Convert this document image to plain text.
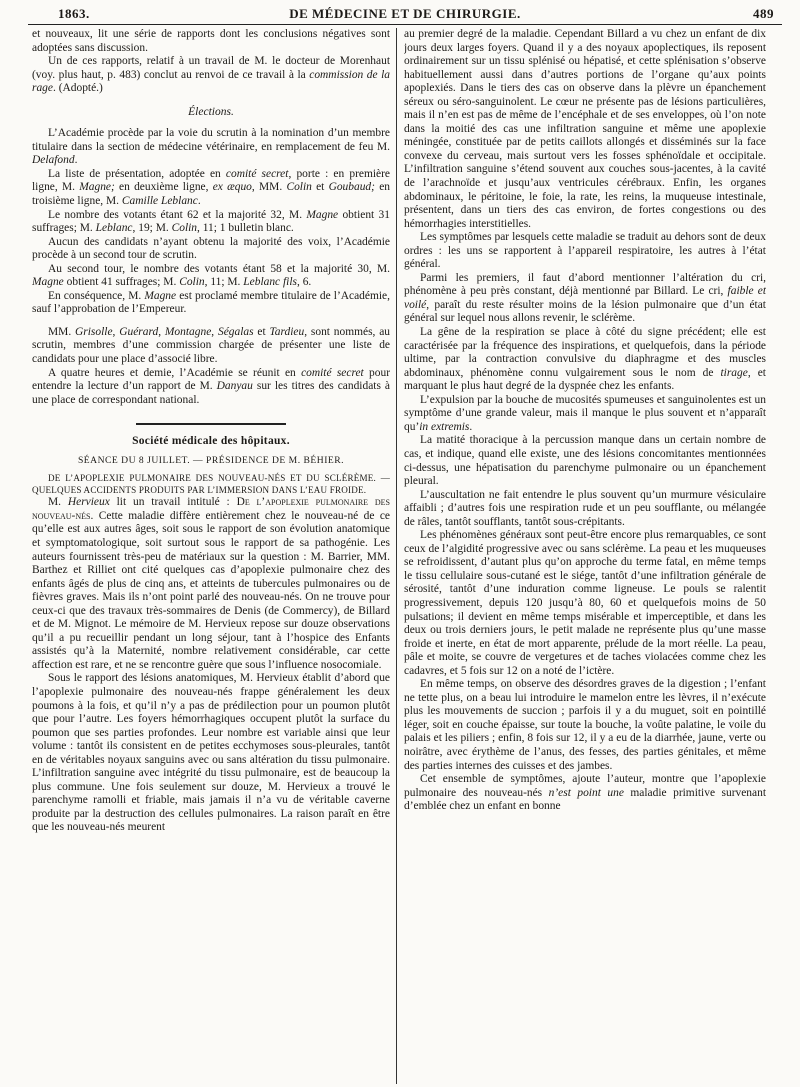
1863.	DE MÉDECINE ET DE CHIRURGIE.	489

et nouveaux, lit une série de rapports dont les conclusions négatives sont adoptées sans discussion.

Un de ces rapports, relatif à un travail de M. le docteur de Morenhaut (voy. plus haut, p. 483) conclut au renvoi de ce travail à la commission de la rage. (Adopté.)

Élections.

L’Académie procède par la voie du scrutin à la nomination d’un membre titulaire dans la section de médecine vétérinaire, en remplacement de feu M. Delafond.

La liste de présentation, adoptée en comité secret, porte : en première ligne, M. Magne; en deuxième ligne, ex æquo, MM. Colin et Goubaud; en troisième ligne, M. Camille Leblanc.

Le nombre des votants étant 62 et la majorité 32, M. Magne obtient 31 suffrages; M. Leblanc, 19; M. Colin, 11; 1 bulletin blanc.

Aucun des candidats n’ayant obtenu la majorité des voix, l’Académie procède à un second tour de scrutin.

Au second tour, le nombre des votants étant 58 et la majorité 30, M. Magne obtient 41 suffrages; M. Colin, 11; M. Leblanc fils, 6.

En conséquence, M. Magne est proclamé membre titulaire de l’Académie, sauf l’approbation de l’Empereur.

MM. Grisolle, Guérard, Montagne, Ségalas et Tardieu, sont nommés, au scrutin, membres d’une commission chargée de présenter une liste de candidats pour une place d’associé libre.

A quatre heures et demie, l’Académie se réunit en comité secret pour entendre la lecture d’un rapport de M. Danyau sur les titres des candidats à une place de correspondant national.

Société médicale des hôpitaux.
SÉANCE DU 8 JUILLET. — PRÉSIDENCE DE M. BÉHIER.

DE L’APOPLEXIE PULMONAIRE DES NOUVEAU-NÉS ET DU SCLÉRÈME. — QUELQUES ACCIDENTS PRODUITS PAR L’IMMERSION DANS L’EAU FROIDE.

M. Hervieux lit un travail intitulé : De l’apoplexie pulmonaire des nouveau-nés. Cette maladie diffère entièrement chez le nouveau-né de ce qu’elle est aux autres âges, soit sous le rapport de son évolution anatomique et symptomatologique, soit surtout sous le rapport de sa pathogénie. Les auteurs fournissent très-peu de matériaux sur la question : M. Barrier, MM. Barthez et Rilliet ont cité quelques cas d’apoplexie pulmonaire chez des enfants âgés de plus de cinq ans, et atteints de tubercules pulmonaires ou de fièvres graves. Mais ils n’ont point parlé des nouveau-nés. On ne trouve pour ceux-ci que des travaux très-sommaires de Denis (de Commercy), de Billard et de M. Mignot. Le mémoire de M. Hervieux repose sur douze observations qu’il a pu recueillir pendant un long séjour, tant à l’hospice des Enfants assistés qu’à la Maternité, nombre relativement considérable, car cette affection est rare, et ne se rencontre guère que sous l’influence nosocomiale.

Sous le rapport des lésions anatomiques, M. Hervieux établit d’abord que l’apoplexie pulmonaire des nouveau-nés frappe généralement les deux poumons à la fois, et qu’il n’y a pas de prédilection pour un poumon plutôt que pour l’autre. Les foyers hémorrhagiques occupent plutôt la surface du poumon que ses parties profondes. Leur nombre est variable ainsi que leur volume : tantôt ils consistent en de petites ecchymoses sous-pleurales, tantôt en de véritables noyaux sanguins avec ou sans altération du tissu pulmonaire. L’infiltration sanguine avec intégrité du tissu pulmonaire, est de beaucoup la plus commune. Une fois seulement sur douze, M. Hervieux a trouvé le parenchyme ramolli et friable, mais jamais il n’a vu de véritable caverne produite par la destruction des cellules pulmonaires. La raison paraît en être que les nouveau-nés meurent

au premier degré de la maladie. Cependant Billard a vu chez un enfant de dix jours deux larges foyers. Quand il y a des noyaux apoplectiques, ils reposent ordinairement sur un tissu splénisé ou hépatisé, et cette splénisation s’observe habituellement aussi dans d’autres portions de l’organe qu’aux points apoplexiés. Dans le tiers des cas on observe dans la plèvre un épanchement séreux ou séro-sanguinolent. Le cœur ne présente pas de lésions particulières, mais il n’en est pas de même de l’encéphale et de ses enveloppes, où l’on note dans la moitié des cas une infiltration sanguine et même une apoplexie méningée, constituée par de petits caillots allongés et disséminés sur la face convexe du cerveau, mais surtout vers les fosses sphénoïdale et occipitale. L’infiltration sanguine s’étend souvent aux couches sous-jacentes, à la cavité de l’arachnoïde et jusqu’aux ventricules cérébraux. Enfin, les organes abdominaux, le péritoine, le foie, la rate, les reins, la muqueuse intestinale, présentent, dans un tiers des cas environ, de fortes congestions ou des hémorrhagies interstitielles.

Les symptômes par lesquels cette maladie se traduit au dehors sont de deux ordres : les uns se rapportent à l’appareil respiratoire, les autres à l’état général.

Parmi les premiers, il faut d’abord mentionner l’altération du cri, phénomène à peu près constant, déjà mentionné par Billard. Le cri, faible et voilé, paraît du reste résulter moins de la lésion pulmonaire que d’un état général sur lequel nous allons revenir, le sclérème.

La gêne de la respiration se place à côté du signe précédent; elle est caractérisée par la fréquence des inspirations, et quelquefois, dans la période ultime, par la contraction convulsive du diaphragme et des muscles abdominaux, phénomène connu vulgairement sous le nom de tirage, et marquant le plus haut degré de la dyspnée chez les enfants.

L’expulsion par la bouche de mucosités spumeuses et sanguinolentes est un symptôme d’une grande valeur, mais il manque le plus souvent et n’apparaît qu’in extremis.

La matité thoracique à la percussion manque dans un certain nombre de cas, et indique, quand elle existe, une des lésions concomitantes mentionnées ci-dessus, une hépatisation du parenchyme pulmonaire ou un épanchement pleural.

L’auscultation ne fait entendre le plus souvent qu’un murmure vésiculaire affaibli ; d’autres fois une respiration rude et un peu soufflante, ou mélangée de râles, tantôt soufflants, tantôt sous-crépitants.

Les phénomènes généraux sont peut-être encore plus remarquables, ce sont ceux de l’algidité progressive avec ou sans sclérème. La peau et les muqueuses se refroidissent, d’autant plus qu’on approche du terme fatal, en même temps le tissu cellulaire sous-cutané est le siége, tantôt d’une infiltration générale de sérosité, tantôt d’une induration comme ligneuse. Le pouls se ralentit progressivement, depuis 120 jusqu’à 80, 60 et quelquefois moins de 50 pulsations; il devient en même temps misérable et imperceptible, et dans les deux ou trois derniers jours, le petit malade ne représente plus qu’une masse froide et inerte, en état de mort apparente, prélude de la mort réelle. La peau, pâle et moite, se couvre de vergetures et de taches violacées comme chez les cadavres, et 5 fois sur 12 on a noté de l’ictère.

En même temps, on observe des désordres graves de la digestion ; l’enfant ne tette plus, on a beau lui introduire le mamelon entre les lèvres, il n’exécute plus les mouvements de succion ; parfois il y a du muguet, soit en pointillé léger, soit en couche épaisse, sur toute la bouche, la voûte palatine, le voile du palais et les piliers ; enfin, 8 fois sur 12, il y a eu de la diarrhée, jaune, verte ou noirâtre, avec érythème de l’anus, des fesses, des parties génitales, et même des parties internes des cuisses et des jambes.

Cet ensemble de symptômes, ajoute l’auteur, montre que l’apoplexie pulmonaire des nouveau-nés n’est point une maladie primitive survenant d’emblée chez un enfant en bonne
